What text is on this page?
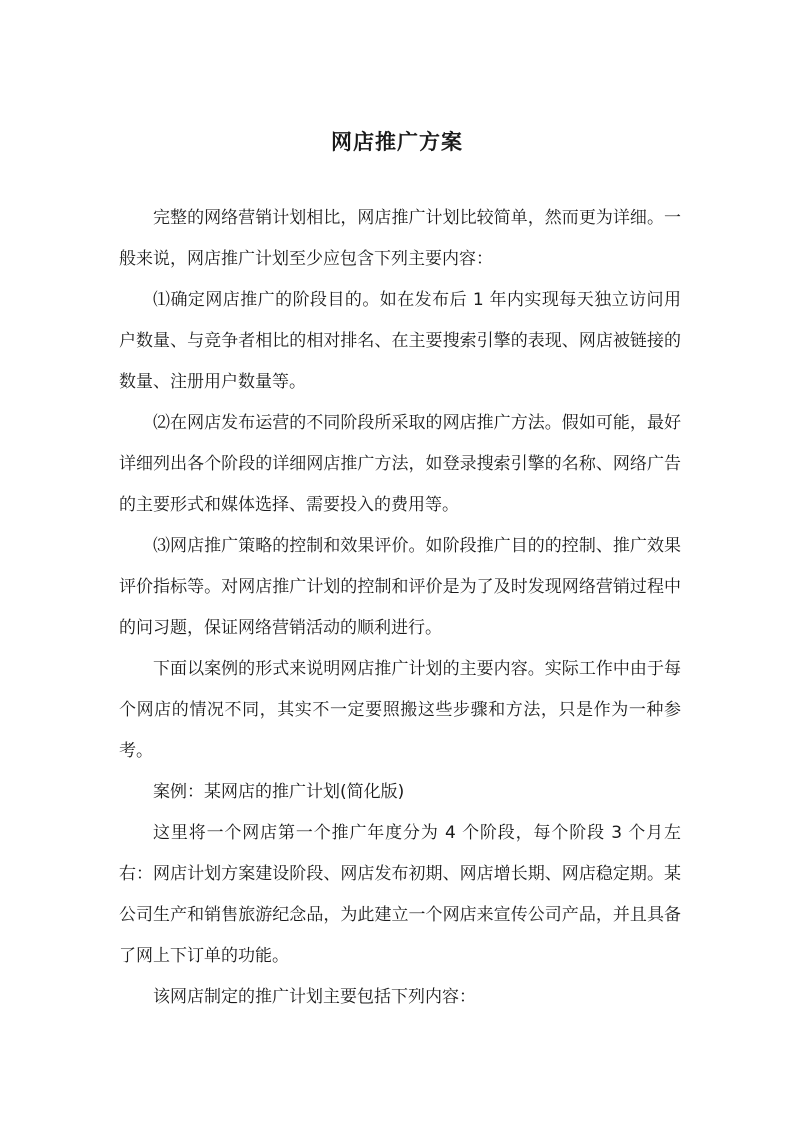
网店推广方案

完整的网络营销计划相比，网店推广计划比较简单，然而更为详细。一般来说，网店推广计划至少应包含下列主要内容：

⑴确定网店推广的阶段目的。如在发布后 1 年内实现每天独立访问用户数量、与竞争者相比的相对排名、在主要搜索引擎的表现、网店被链接的数量、注册用户数量等。

⑵在网店发布运营的不同阶段所采取的网店推广方法。假如可能，最好详细列出各个阶段的详细网店推广方法，如登录搜索引擎的名称、网络广告的主要形式和媒体选择、需要投入的费用等。

⑶网店推广策略的控制和效果评价。如阶段推广目的的控制、推广效果评价指标等。对网店推广计划的控制和评价是为了及时发现网络营销过程中的问习题，保证网络营销活动的顺利进行。

下面以案例的形式来说明网店推广计划的主要内容。实际工作中由于每个网店的情况不同，其实不一定要照搬这些步骤和方法，只是作为一种参考。

案例：某网店的推广计划(简化版)

这里将一个网店第一个推广年度分为 4 个阶段，每个阶段 3 个月左右：网店计划方案建设阶段、网店发布初期、网店增长期、网店稳定期。某公司生产和销售旅游纪念品，为此建立一个网店来宣传公司产品，并且具备了网上下订单的功能。

该网店制定的推广计划主要包括下列内容：
